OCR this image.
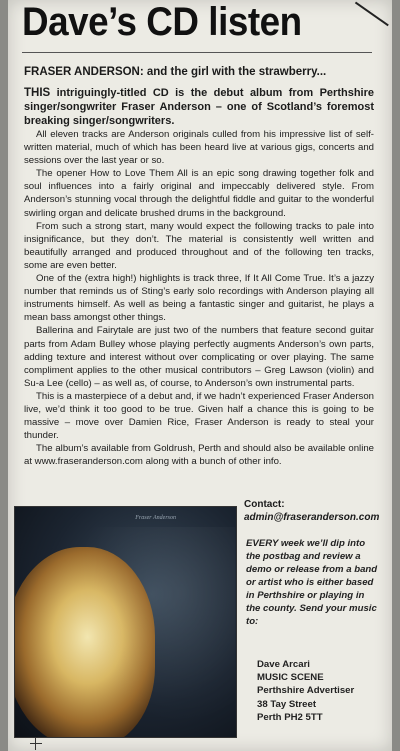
Dave’s CD listen
FRASER ANDERSON: and the girl with the strawberry...

THIS intriguingly-titled CD is the debut album from Perthshire singer/songwriter Fraser Anderson – one of Scotland’s foremost breaking singer/songwriters.

All eleven tracks are Anderson originals culled from his impressive list of self-written material, much of which has been heard live at various gigs, concerts and sessions over the last year or so.

The opener How to Love Them All is an epic song drawing together folk and soul influences into a fairly original and impeccably delivered style. From Anderson’s stunning vocal through the delightful fiddle and guitar to the wonderful swirling organ and delicate brushed drums in the background.

From such a strong start, many would expect the following tracks to pale into insignificance, but they don’t. The material is consistently well written and beautifully arranged and produced throughout and of the following ten tracks, some are even better.

One of the (extra high!) highlights is track three, If It All Come True. It’s a jazzy number that reminds us of Sting’s early solo recordings with Anderson playing all instruments himself. As well as being a fantastic singer and guitarist, he plays a mean bass amongst other things.

Ballerina and Fairytale are just two of the numbers that feature second guitar parts from Adam Bulley whose playing perfectly augments Anderson’s own parts, adding texture and interest without over complicating or over playing. The same compliment applies to the other musical contributors – Greg Lawson (violin) and Su-a Lee (cello) – as well as, of course, to Anderson’s own instrumental parts.

This is a masterpiece of a debut and, if we hadn’t experienced Fraser Anderson live, we’d think it too good to be true. Given half a chance this is going to be massive – move over Damien Rice, Fraser Anderson is ready to steal your thunder.

The album’s available from Goldrush, Perth and should also be available online at www.fraseranderson.com along with a bunch of other info.

Fraser Anderson
Contact:
admin@fraseranderson.com
EVERY week we’ll dip into the postbag and review a demo or release from a band or artist who is either based in Perthshire or playing in the county. Send your music to:
Dave Arcari
MUSIC SCENE
Perthshire Advertiser
38 Tay Street
Perth PH2 5TT
